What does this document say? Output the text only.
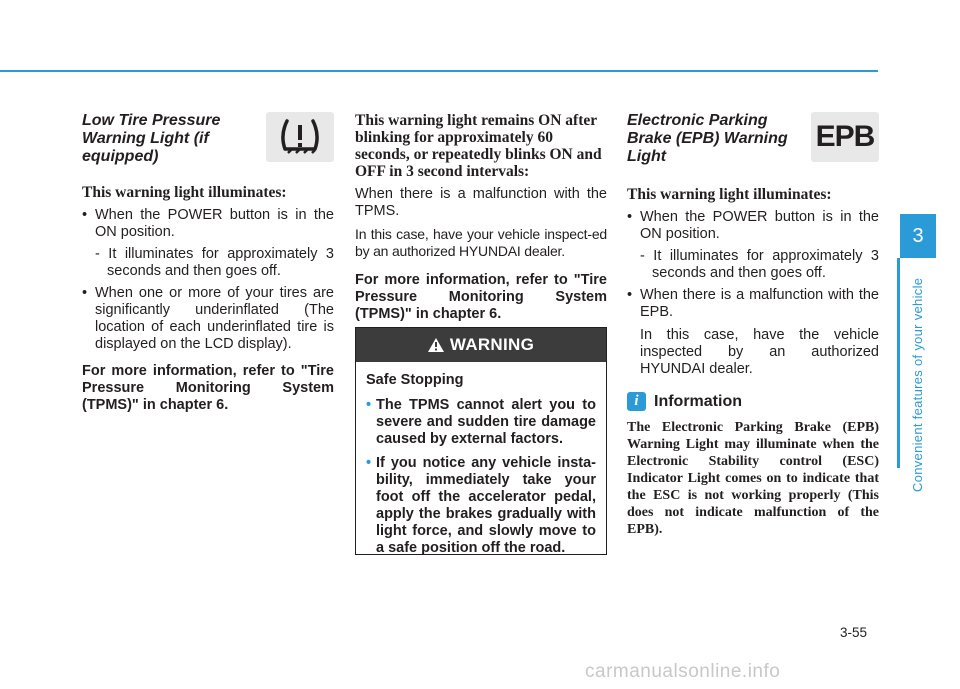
Low Tire Pressure Warning Light (if equipped)

This warning light illuminates:

• When the POWER button is in the ON position.

- It illuminates for approximately 3 seconds and then goes off.

• When one or more of your tires are significantly underinflated (The location of each underinflated tire is displayed on the LCD display).

For more information, refer to "Tire Pressure Monitoring System (TPMS)" in chapter 6.

This warning light remains ON after blinking for approximately 60 seconds, or repeatedly blinks ON and OFF in 3 second intervals:

When there is a malfunction with the TPMS.

In this case, have your vehicle inspect-ed by an authorized HYUNDAI dealer.

For more information, refer to "Tire Pressure Monitoring System (TPMS)" in chapter 6.

WARNING

Safe Stopping

• The TPMS cannot alert you to severe and sudden tire damage caused by external factors.
• If you notice any vehicle insta-bility, immediately take your foot off the accelerator pedal, apply the brakes gradually with light force, and slowly move to a safe position off the road.
Electronic Parking Brake (EPB) Warning Light
EPB

This warning light illuminates:

• When the POWER button is in the ON position.

- It illuminates for approximately 3 seconds and then goes off.

• When there is a malfunction with the EPB.

In this case, have the vehicle inspected by an authorized HYUNDAI dealer.

i Information

The Electronic Parking Brake (EPB) Warning Light may illuminate when the Electronic Stability control (ESC) Indicator Light comes on to indicate that the ESC is not working properly (This does not indicate malfunction of the EPB).

3
Convenient features of your vehicle
3-55
carmanualsonline.info
